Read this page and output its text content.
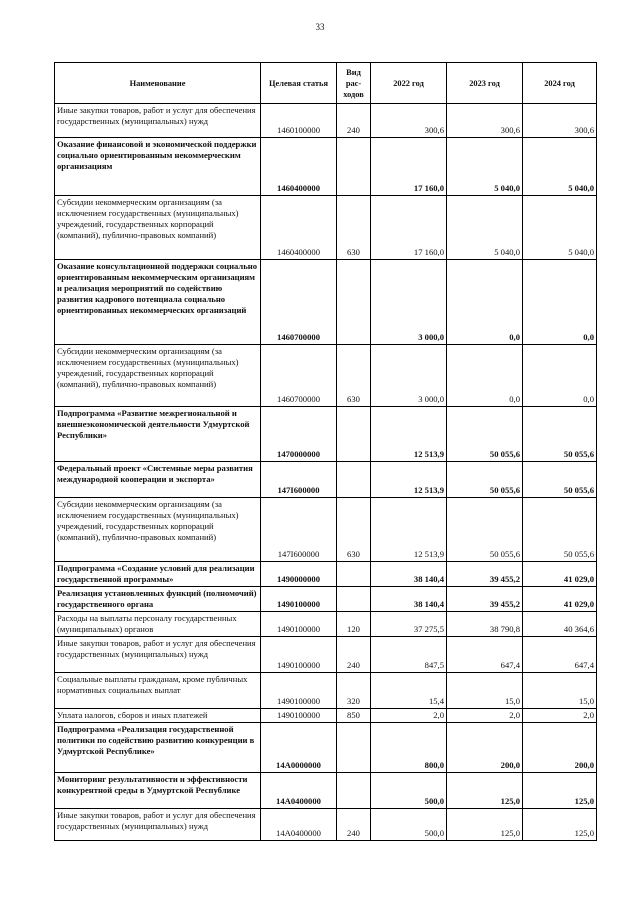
33
Наименование	Целевая статья	Вид рас-ходов	2022 год	2023 год	2024 год
Иные закупки товаров, работ и услуг для обеспечения государственных (муниципальных) нужд	1460100000	240	300,6	300,6	300,6
Оказание финансовой и экономической поддержки социально ориентированным некоммерческим организациям	1460400000		17 160,0	5 040,0	5 040,0
Субсидии некоммерческим организациям (за исключением государственных (муниципальных) учреждений, государственных корпораций (компаний), публично-правовых компаний)	1460400000	630	17 160,0	5 040,0	5 040,0
Оказание консультационной поддержки социально ориентированным некоммерческим организациям и реализация мероприятий по содействию развития кадрового потенциала социально ориентированных некоммерческих организаций	1460700000		3 000,0	0,0	0,0
Субсидии некоммерческим организациям (за исключением государственных (муниципальных) учреждений, государственных корпораций (компаний), публично-правовых компаний)	1460700000	630	3 000,0	0,0	0,0
Подпрограмма «Развитие межрегиональной и внешнеэкономической деятельности Удмуртской Республики»	1470000000		12 513,9	50 055,6	50 055,6
Федеральный проект «Системные меры развития международной кооперации и экспорта»	147I600000		12 513,9	50 055,6	50 055,6
Субсидии некоммерческим организациям (за исключением государственных (муниципальных) учреждений, государственных корпораций (компаний), публично-правовых компаний)	147I600000	630	12 513,9	50 055,6	50 055,6
Подпрограмма «Создание условий для реализации государственной программы»	1490000000		38 140,4	39 455,2	41 029,0
Реализация установленных функций (полномочий) государственного органа	1490100000		38 140,4	39 455,2	41 029,0
Расходы на выплаты персоналу государственных (муниципальных) органов	1490100000	120	37 275,5	38 790,8	40 364,6
Иные закупки товаров, работ и услуг для обеспечения государственных (муниципальных) нужд	1490100000	240	847,5	647,4	647,4
Социальные выплаты гражданам, кроме публичных нормативных социальных выплат	1490100000	320	15,4	15,0	15,0
Уплата налогов, сборов и иных платежей	1490100000	850	2,0	2,0	2,0
Подпрограмма «Реализация государственной политики по содействию развитию конкуренции в Удмуртской Республике»	14А0000000		800,0	200,0	200,0
Мониторинг результативности и эффективности конкурентной среды в Удмуртской Республике	14А0400000		500,0	125,0	125,0
Иные закупки товаров, работ и услуг для обеспечения государственных (муниципальных) нужд	14А0400000	240	500,0	125,0	125,0
